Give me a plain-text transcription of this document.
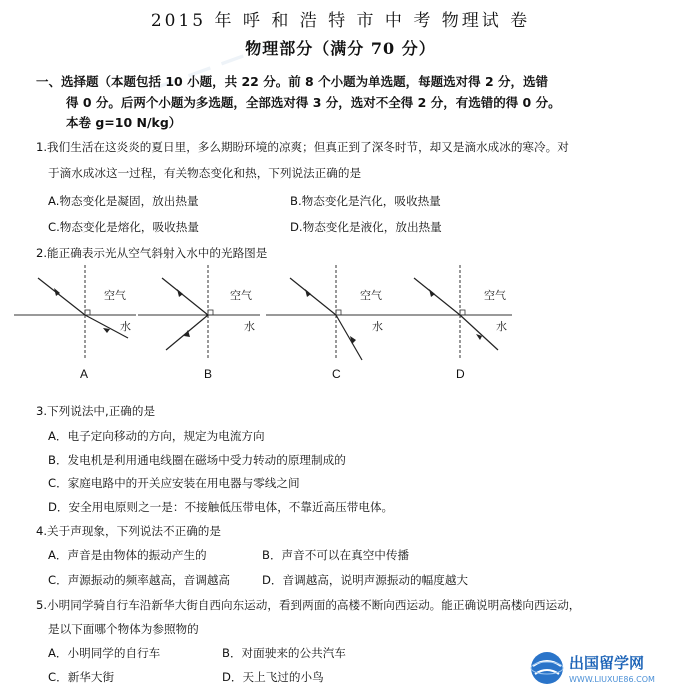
— — — —
2015 年 呼 和 浩 特 市 中 考 物理试 卷
物理部分（满分 70 分）
一、选择题（本题包括 10 小题，共 22 分。前 8 个小题为单选题，每题选对得 2 分，选错
得 0 分。后两个小题为多选题，全部选对得 3 分，选对不全得 2 分，有选错的得 0 分。
本卷 g=10 N/kg）
1.我们生活在这炎炎的夏日里，多么期盼环境的凉爽；但真正到了深冬时节，却又是滴水成冰的寒冷。对
于滴水成冰这一过程，有关物态变化和热，下列说法正确的是
A.物态变化是凝固，放出热量	B.物态变化是汽化，吸收热量
C.物态变化是熔化，吸收热量	D.物态变化是液化，放出热量
2.能正确表示光从空气斜射入水中的光路图是
空气
水
A
空气
水
B
空气
水
C
空气
水
D
3.下列说法中,正确的是
A．电子定向移动的方向，规定为电流方向
B．发电机是利用通电线圈在磁场中受力转动的原理制成的
C．家庭电路中的开关应安装在用电器与零线之间
D．安全用电原则之一是：不接触低压带电体，不靠近高压带电体。
4.关于声现象，下列说法不正确的是
A．声音是由物体的振动产生的	B．声音不可以在真空中传播
C．声源振动的频率越高，音调越高	D．音调越高，说明声源振动的幅度越大
5.小明同学骑自行车沿新华大街自西向东运动，看到两面的高楼不断向西运动。能正确说明高楼向西运动，
是以下面哪个物体为参照物的
A．小明同学的自行车	B．对面驶来的公共汽车
C．新华大街	D．天上飞过的小鸟
出国留学网
WWW.LIUXUE86.COM
